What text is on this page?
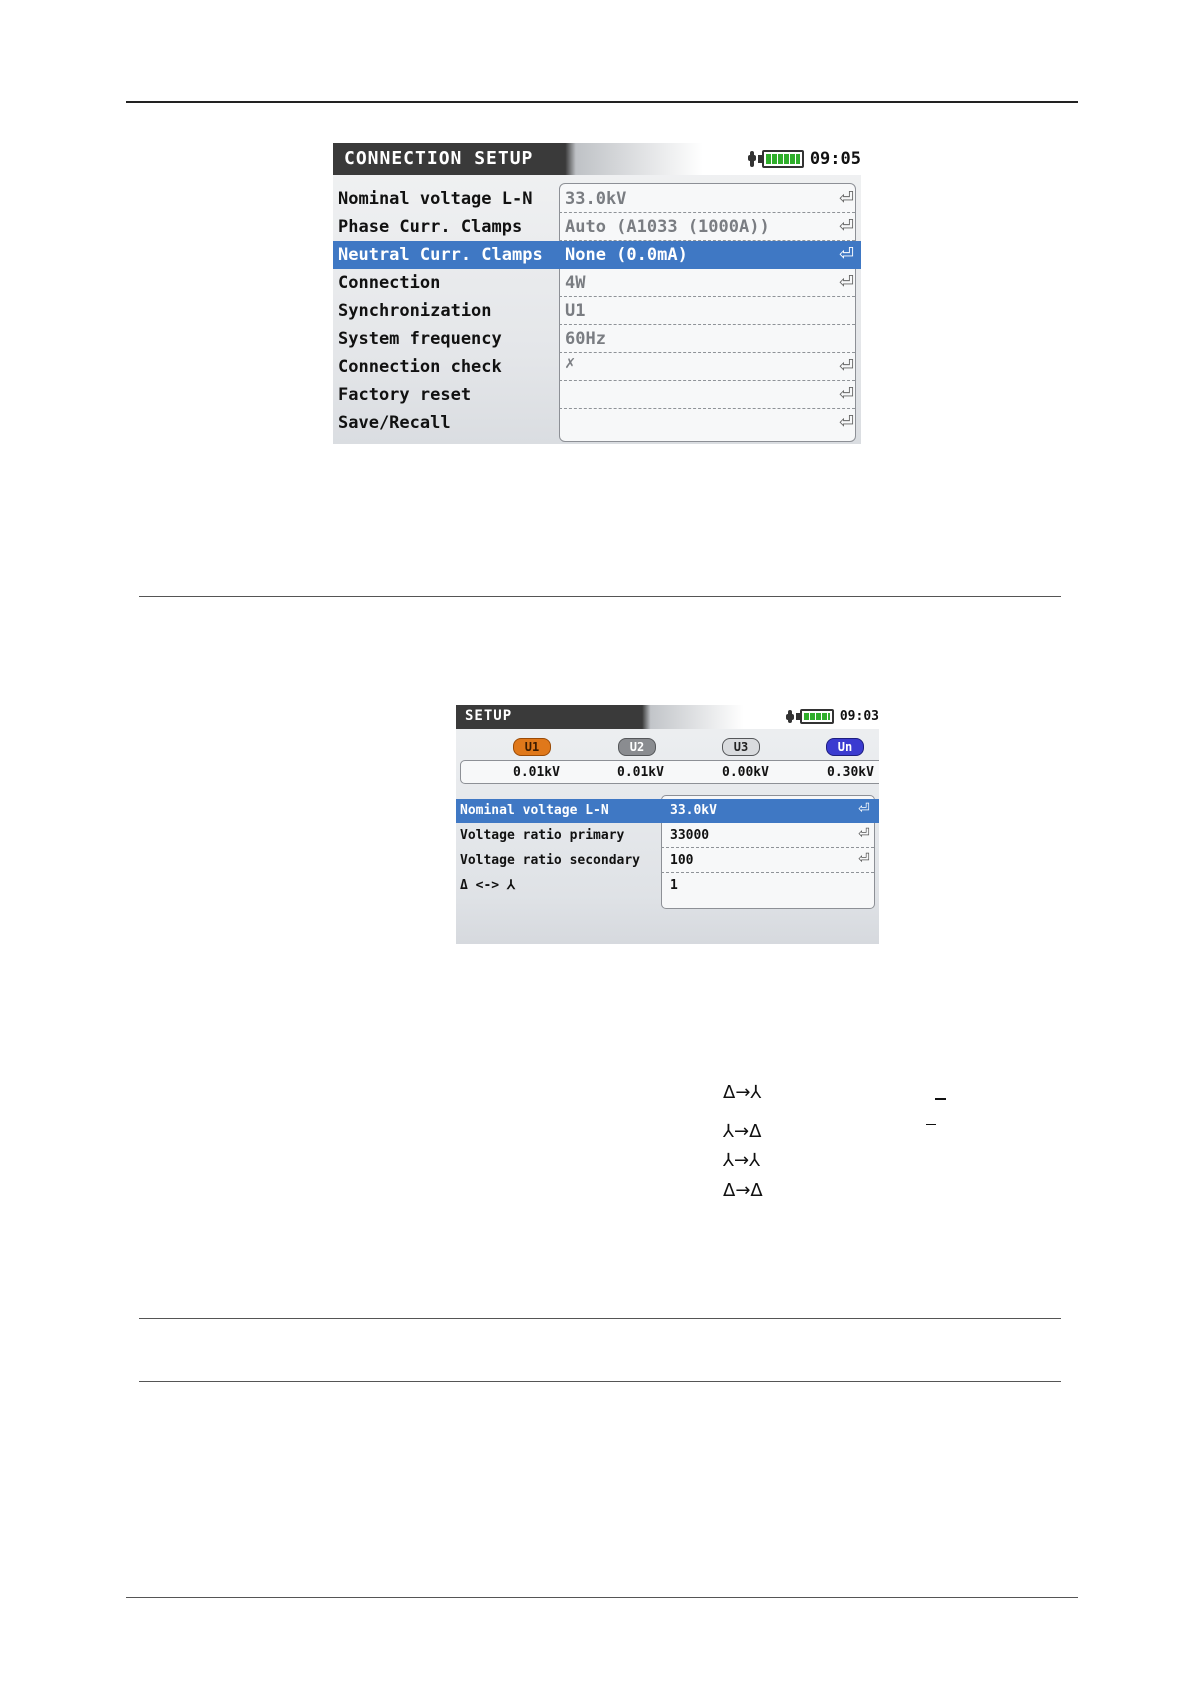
CONNECTION SETUP	09:05
Nominal voltage L-N 33.0kV	⏎
Phase Curr. Clamps	Auto (A1033 (1000A))	⏎
Neutral Curr. Clamps None (0.0mA)	⏎
Connection	4W	⏎
Synchronization	U1
System frequency	60Hz
Connection check	✗	⏎
Factory reset	⏎
Save/Recall	⏎
SETUP	09:03
U1	U2	U3	Un
0.01kV	0.01kV	0.00kV	0.30kV
Nominal voltage L-N	33.0kV	⏎
Voltage ratio primary	33000	⏎
Voltage ratio secondary 100	⏎
Δ <-> ⅄	1
Δ→⅄
⅄→Δ
⅄→⅄
Δ→Δ
